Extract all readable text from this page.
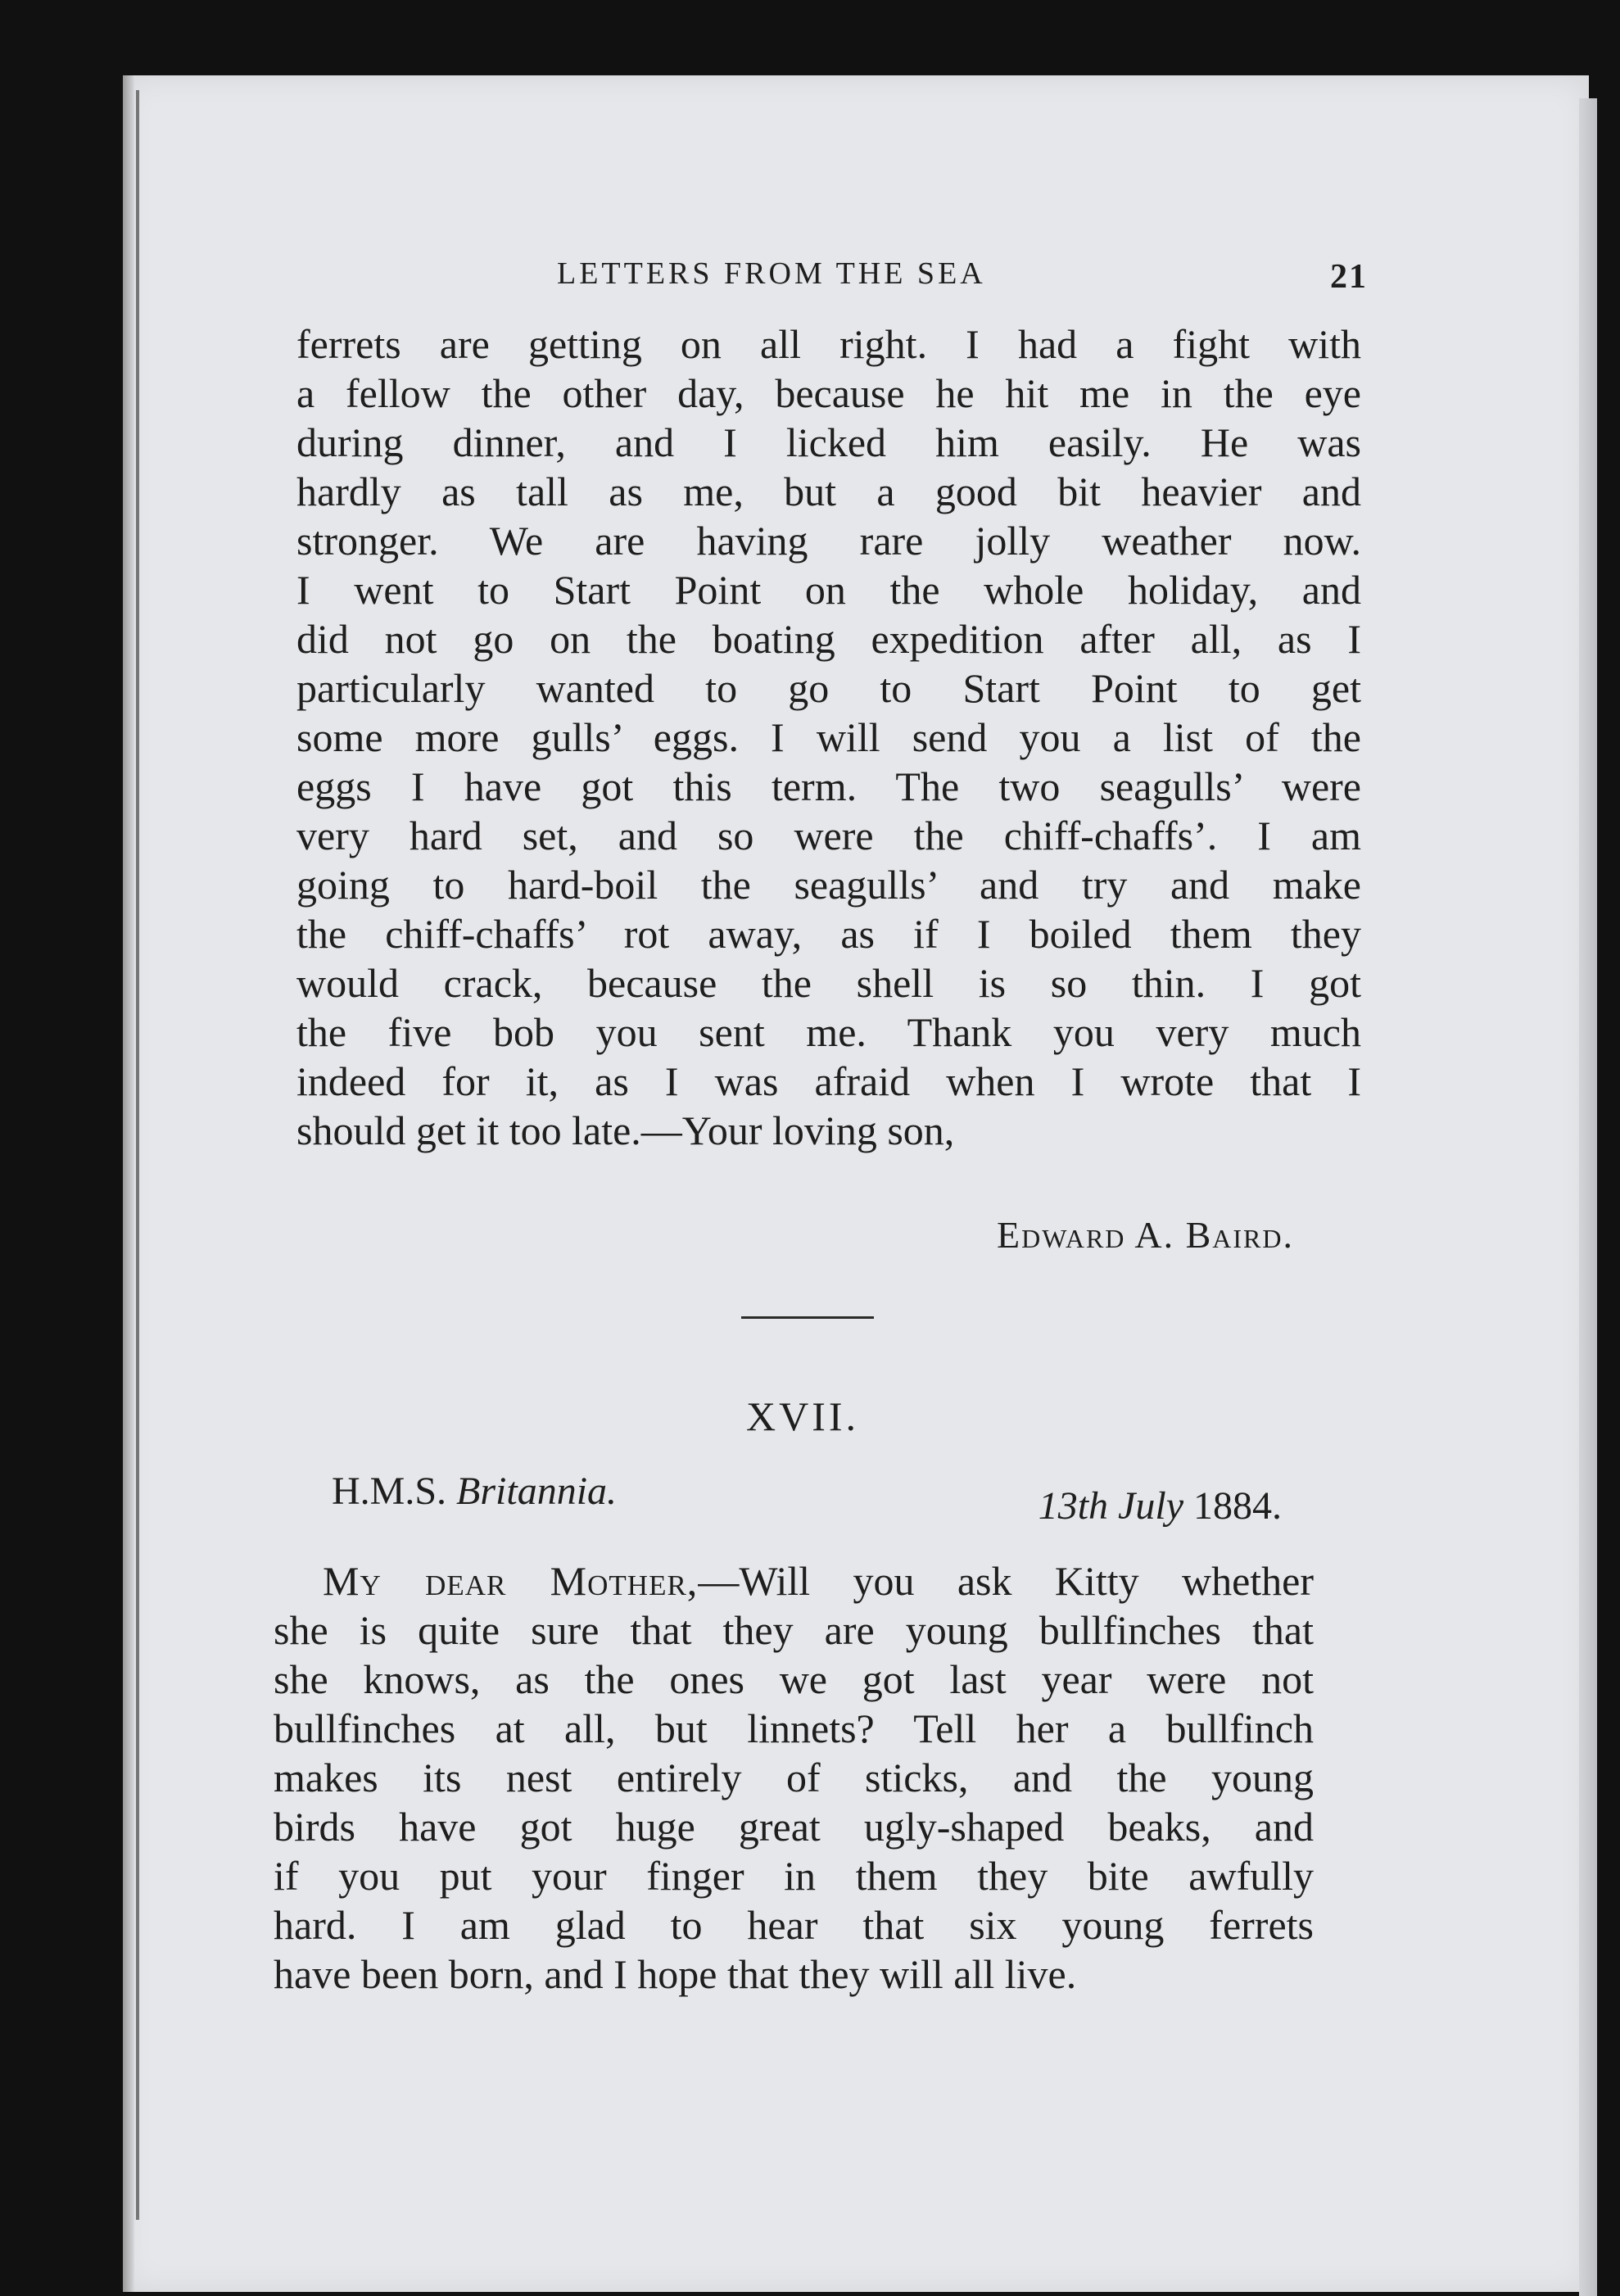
LETTERS FROM THE SEA	21
ferrets are getting on all right. I had a fight with
a fellow the other day, because he hit me in the eye
during dinner, and I licked him easily. He was
hardly as tall as me, but a good bit heavier and
stronger. We are having rare jolly weather now.
I went to Start Point on the whole holiday, and
did not go on the boating expedition after all, as I
particularly wanted to go to Start Point to get
some more gulls’ eggs. I will send you a list of the
eggs I have got this term. The two seagulls’ were
very hard set, and so were the chiff-chaffs’. I am
going to hard-boil the seagulls’ and try and make
the chiff-chaffs’ rot away, as if I boiled them they
would crack, because the shell is so thin. I got
the five bob you sent me. Thank you very much
indeed for it, as I was afraid when I wrote that I
should get it too late.—Your loving son,
Edward A. Baird.
XVII.
H.M.S. Britannia.	13th July 1884.
My dear Mother,—Will you ask Kitty whether
she is quite sure that they are young bullfinches that
she knows, as the ones we got last year were not
bullfinches at all, but linnets? Tell her a bullfinch
makes its nest entirely of sticks, and the young
birds have got huge great ugly-shaped beaks, and
if you put your finger in them they bite awfully
hard. I am glad to hear that six young ferrets
have been born, and I hope that they will all live.
